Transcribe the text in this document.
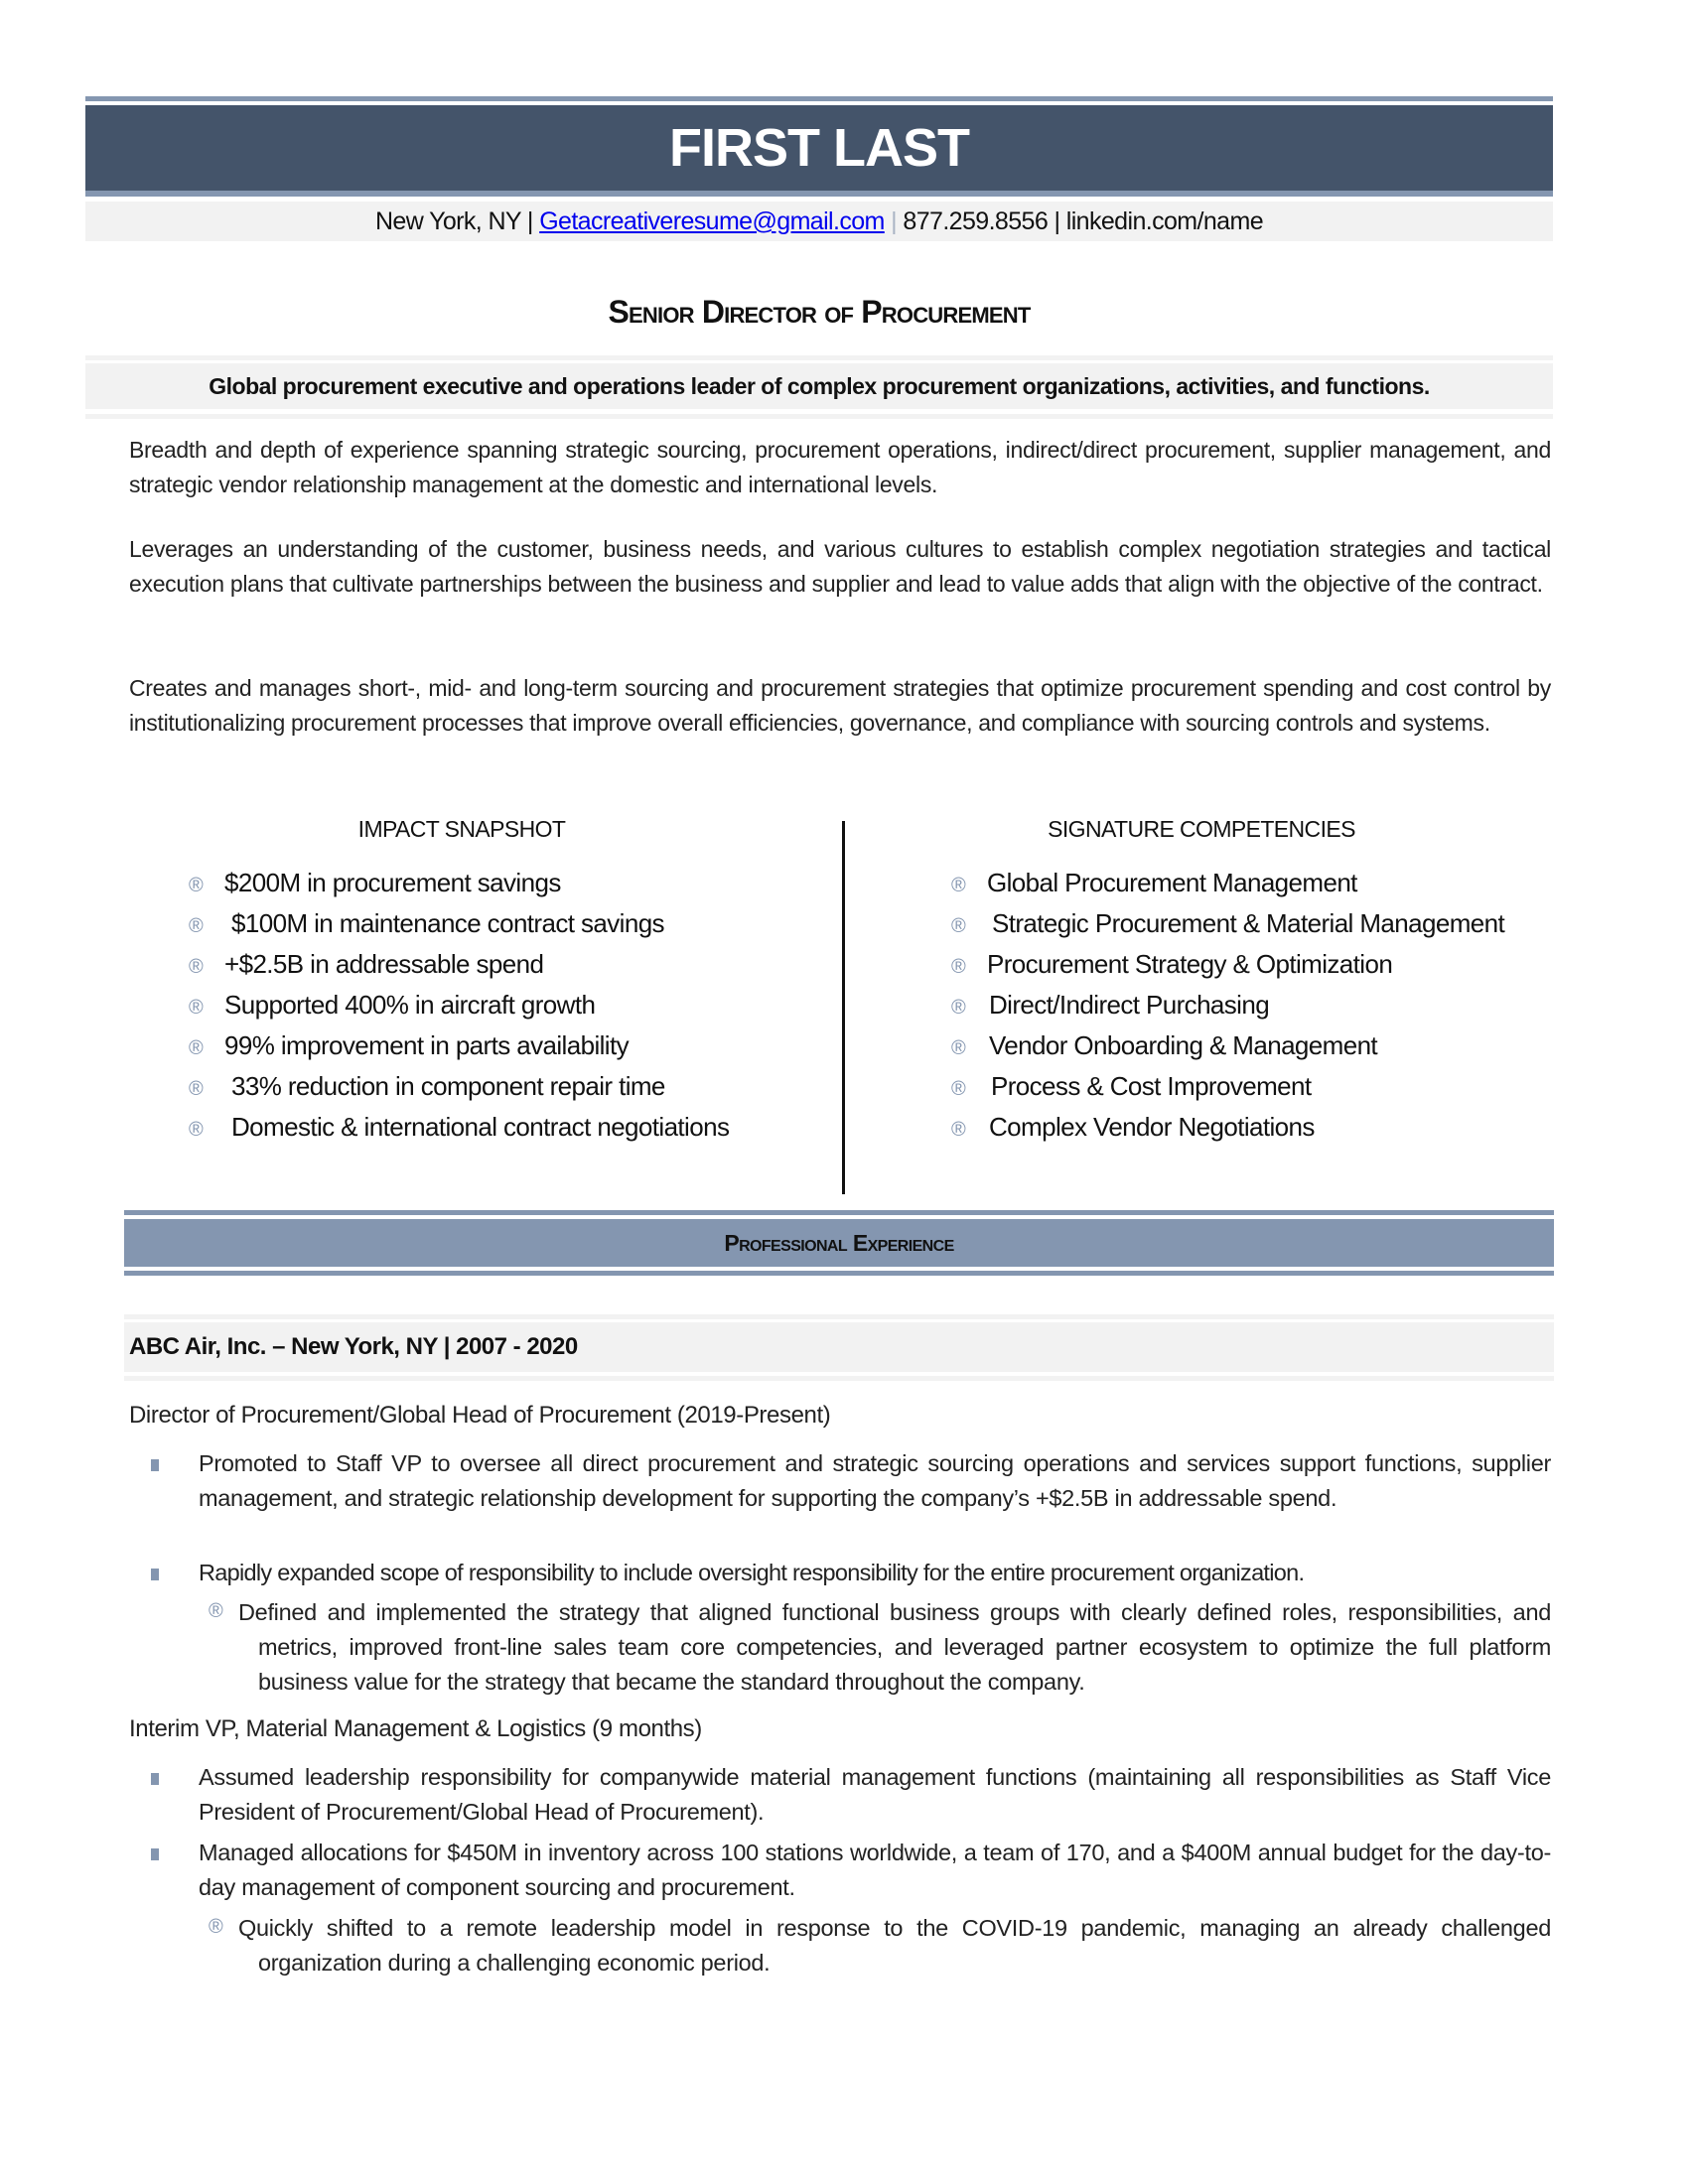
FIRST LAST
New York, NY | Getacreativeresume@gmail.com | 877.259.8556 | linkedin.com/name
Senior Director of Procurement
Global procurement executive and operations leader of complex procurement organizations, activities, and functions.
Breadth and depth of experience spanning strategic sourcing, procurement operations, indirect/direct procurement, supplier management, and strategic vendor relationship management at the domestic and international levels.
Leverages an understanding of the customer, business needs, and various cultures to establish complex negotiation strategies and tactical execution plans that cultivate partnerships between the business and supplier and lead to value adds that align with the objective of the contract.
Creates and manages short-, mid- and long-term sourcing and procurement strategies that optimize procurement spending and cost control by institutionalizing procurement processes that improve overall efficiencies, governance, and compliance with sourcing controls and systems.
IMPACT SNAPSHOT	SIGNATURE COMPETENCIES
® $200M in procurement savings
® $100M in maintenance contract savings
® +$2.5B in addressable spend
® Supported 400% in aircraft growth
® 99% improvement in parts availability
® 33% reduction in component repair time
® Domestic & international contract negotiations
® Global Procurement Management
® Strategic Procurement & Material Management
® Procurement Strategy & Optimization
® Direct/Indirect Purchasing
® Vendor Onboarding & Management
® Process & Cost Improvement
® Complex Vendor Negotiations
Professional Experience
ABC Air, Inc. – New York, NY | 2007 - 2020
Director of Procurement/Global Head of Procurement (2019-Present)
Promoted to Staff VP to oversee all direct procurement and strategic sourcing operations and services support functions, supplier management, and strategic relationship development for supporting the company’s +$2.5B in addressable spend.
Rapidly expanded scope of responsibility to include oversight responsibility for the entire procurement organization.
® Defined and implemented the strategy that aligned functional business groups with clearly defined roles, responsibilities, and metrics, improved front-line sales team core competencies, and leveraged partner ecosystem to optimize the full platform business value for the strategy that became the standard throughout the company.
Interim VP, Material Management & Logistics (9 months)
Assumed leadership responsibility for companywide material management functions (maintaining all responsibilities as Staff Vice President of Procurement/Global Head of Procurement).
Managed allocations for $450M in inventory across 100 stations worldwide, a team of 170, and a $400M annual budget for the day-to-day management of component sourcing and procurement.
® Quickly shifted to a remote leadership model in response to the COVID-19 pandemic, managing an already challenged organization during a challenging economic period.
